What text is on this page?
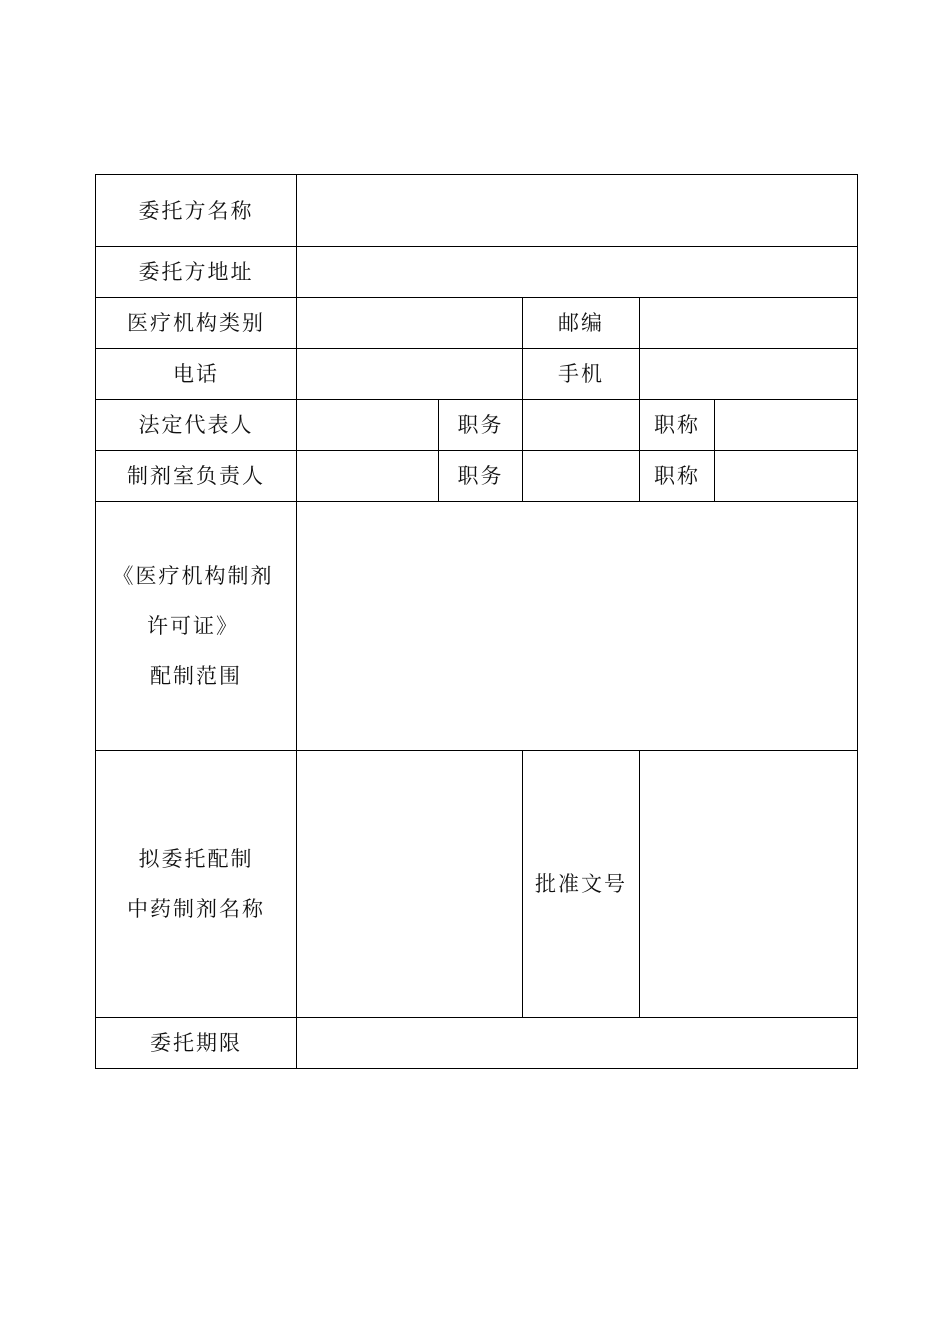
委托方名称					
委托方地址					
医疗机构类别			邮编		
电话			手机		
法定代表人		职务		职称	
制剂室负责人		职务		职称	

《医疗机构制剂
许可证》
配制范围					

拟委托配制
中药制剂名称			批准文号		
委托期限					
